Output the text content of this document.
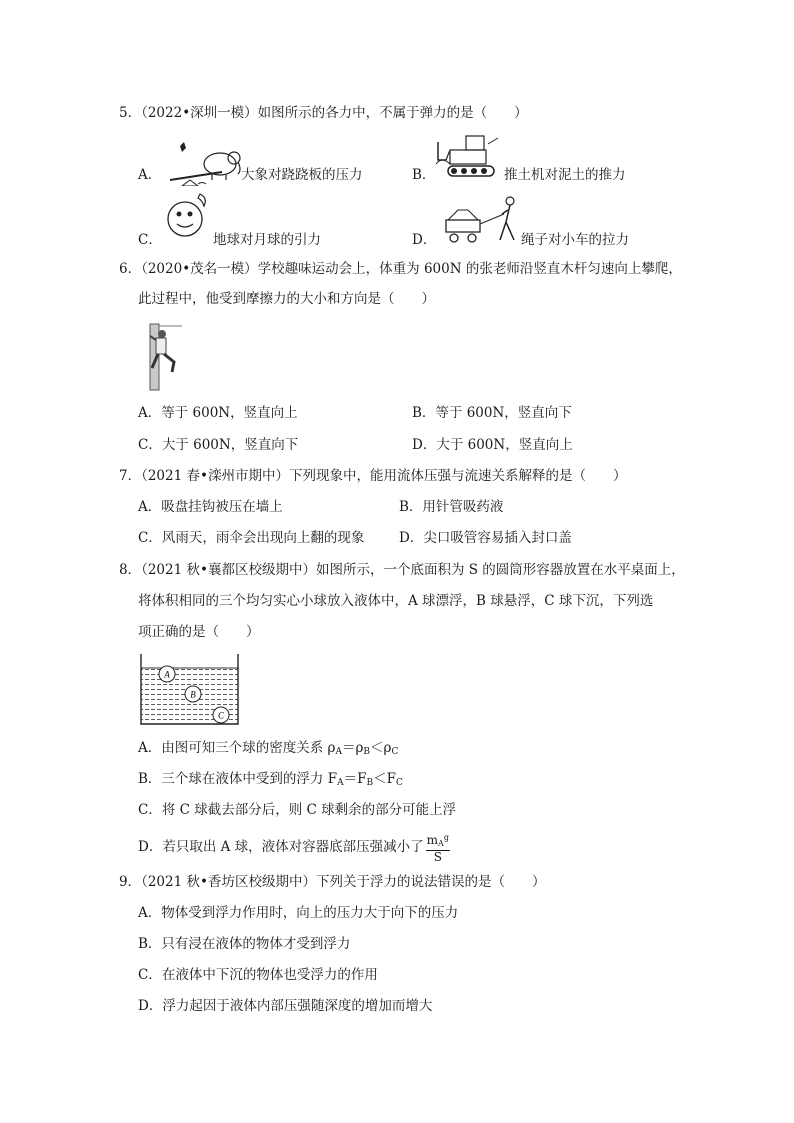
5．（2022•深圳一模）如图所示的各力中，不属于弹力的是（　　）
A．	大象对跷跷板的压力	B．	推土机对泥土的推力
C．	地球对月球的引力	D．	绳子对小车的拉力
6．（2020•茂名一模）学校趣味运动会上，体重为 600N 的张老师沿竖直木杆匀速向上攀爬，
此过程中，他受到摩擦力的大小和方向是（　　）
A．等于 600N，竖直向上	B．等于 600N，竖直向下
C．大于 600N，竖直向下	D．大于 600N，竖直向上
7．（2021 春•滦州市期中）下列现象中，能用流体压强与流速关系解释的是（　　）
A．吸盘挂钩被压在墙上	B．用针管吸药液
C．风雨天，雨伞会出现向上翻的现象	D．尖口吸管容易插入封口盖
8．（2021 秋•襄都区校级期中）如图所示，一个底面积为 S 的圆筒形容器放置在水平桌面上，
将体积相同的三个均匀实心小球放入液体中，A 球漂浮，B 球悬浮，C 球下沉，下列选
项正确的是（　　）
A
B
C
A．由图可知三个球的密度关系 $\rho_A=\rho_B<\rho_C$
B．三个球在液体中受到的浮力 $F_A=F_B<F_C$
C．将 C 球截去部分后，则 C 球剩余的部分可能上浮
D．若只取出 A 球，液体对容器底部压强减小了 $\frac{m_A^g}{S}$
9．（2021 秋•香坊区校级期中）下列关于浮力的说法错误的是（　　）
A．物体受到浮力作用时，向上的压力大于向下的压力
B．只有浸在液体的物体才受到浮力
C．在液体中下沉的物体也受浮力的作用
D．浮力起因于液体内部压强随深度的增加而增大
